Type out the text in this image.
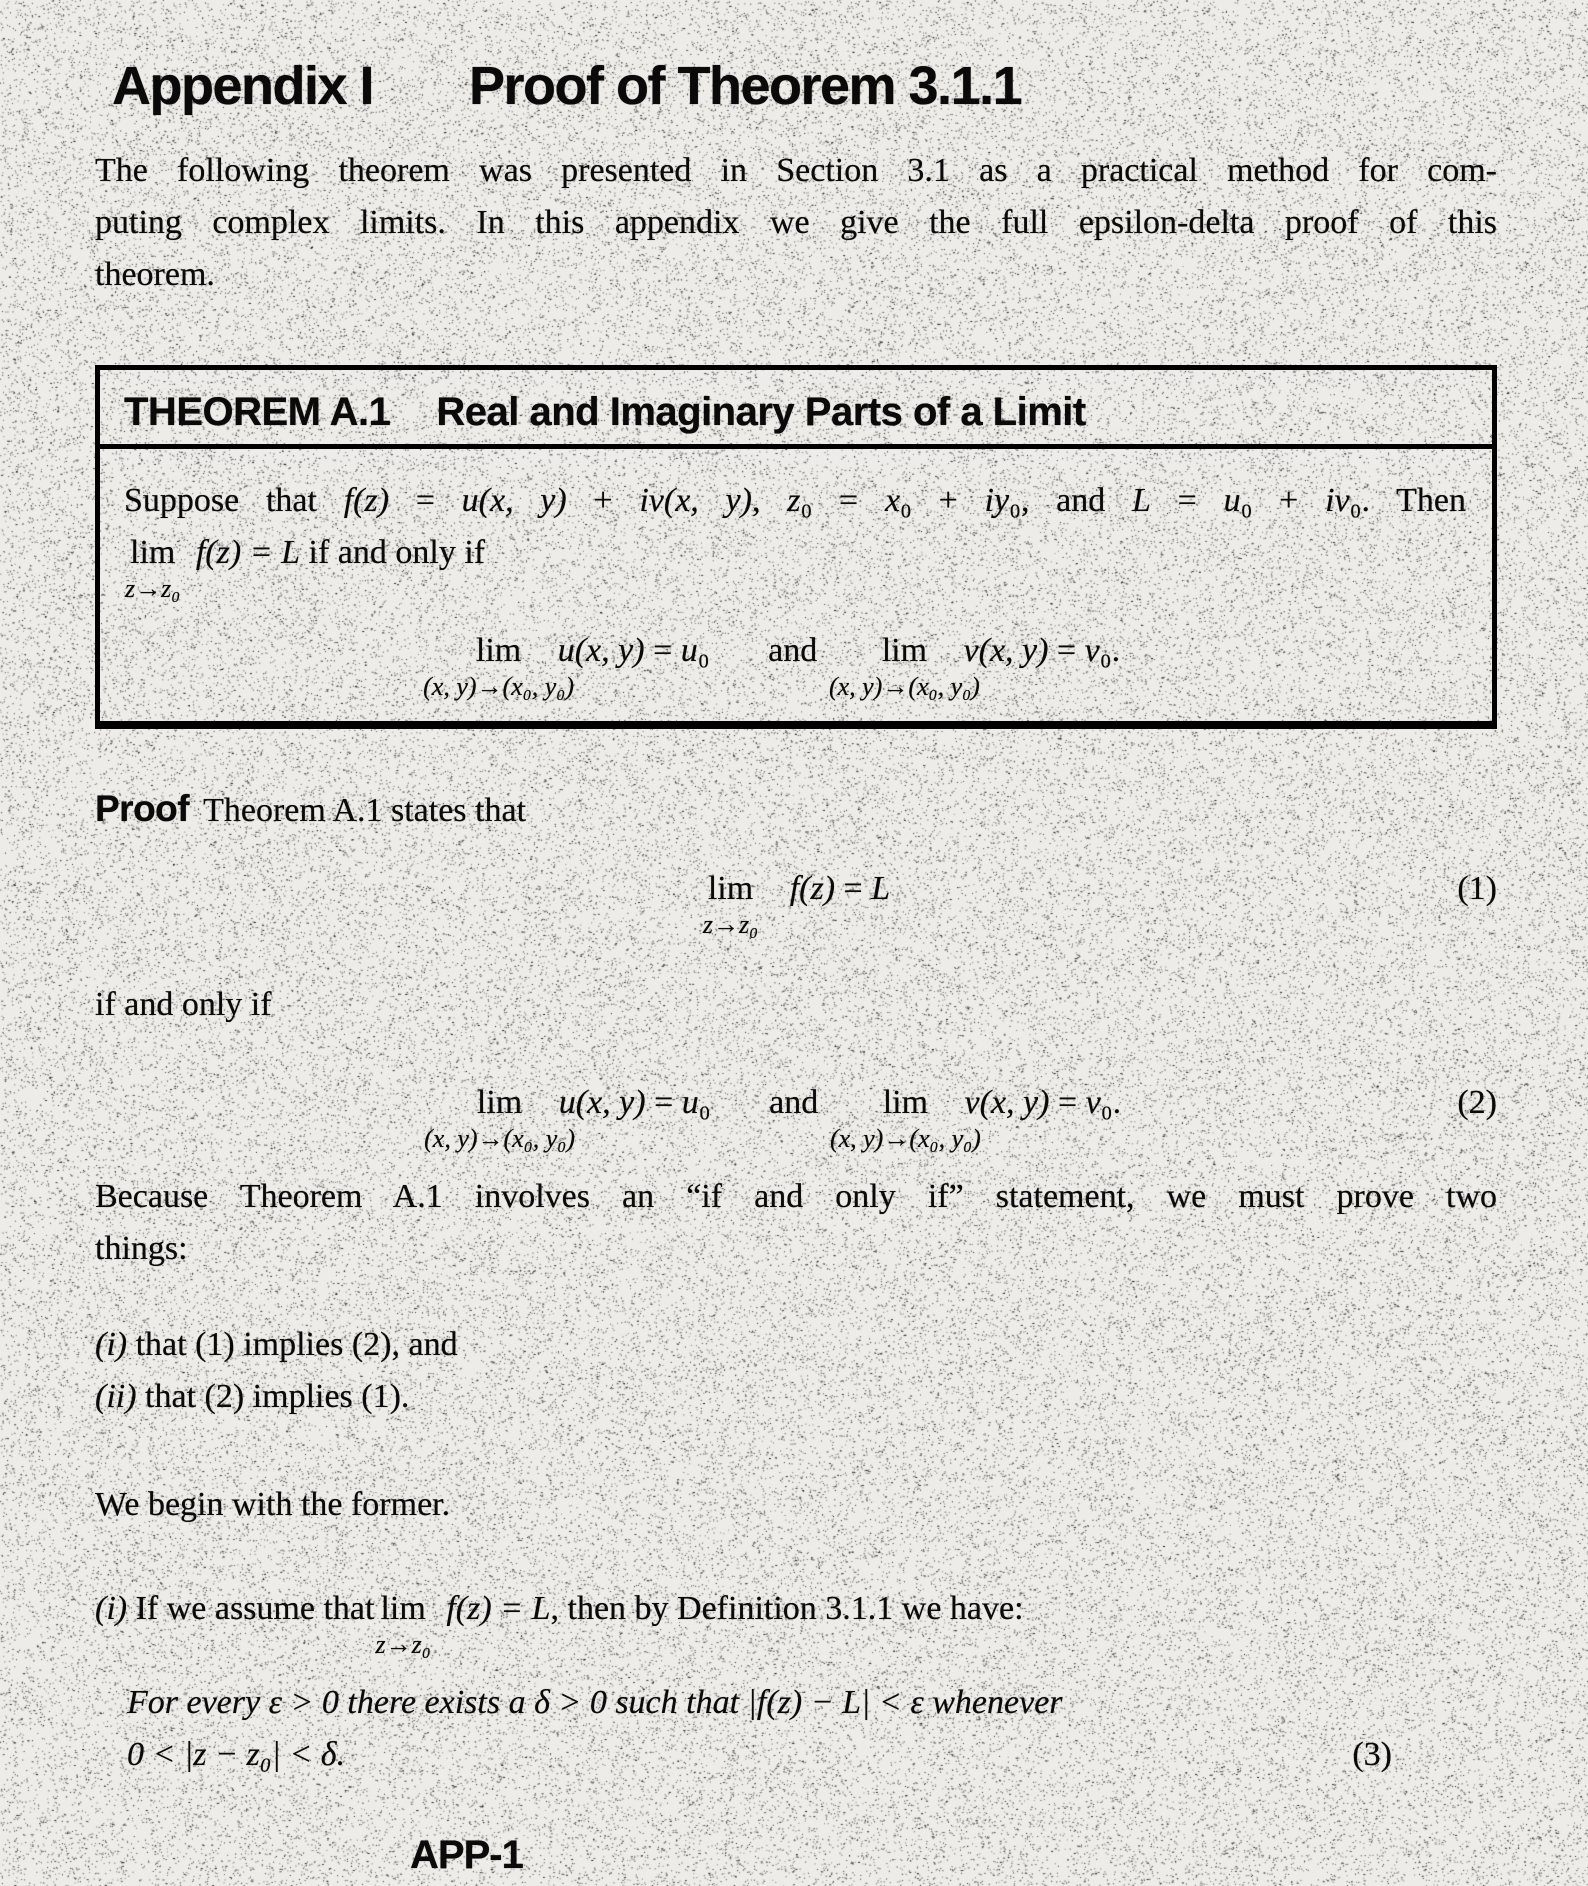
Appendix I Proof of Theorem 3.1.1
The following theorem was presented in Section 3.1 as a practical method for com-
puting complex limits. In this appendix we give the full epsilon-delta proof of this
theorem.
THEOREM A.1 Real and Imaginary Parts of a Limit
Suppose that f(z) = u(x, y) + iv(x, y), z₀ = x₀ + iy₀, and L = u₀ + iv₀. Then
lim
z→z₀
f(z) = L if and only if
lim
(x, y)→(x₀, y₀)
u(x, y) = u₀ and lim
(x, y)→(x₀, y₀)
v(x, y) = v₀.
Proof Theorem A.1 states that
lim
z→z₀
f(z) = L	(1)
if and only if
lim
(x, y)→(x₀, y₀)
u(x, y) = u₀ and lim
(x, y)→(x₀, y₀)
v(x, y) = v₀.	(2)
Because Theorem A.1 involves an “if and only if” statement, we must prove two
things:
(i) that (1) implies (2), and
(ii) that (2) implies (1).
We begin with the former.
(i) If we assume that lim
z→z₀
f(z) = L, then by Definition 3.1.1 we have:
For every ε > 0 there exists a δ > 0 such that |f(z) − L| < ε whenever
0 < |z − z₀| < δ.	(3)
APP-1
